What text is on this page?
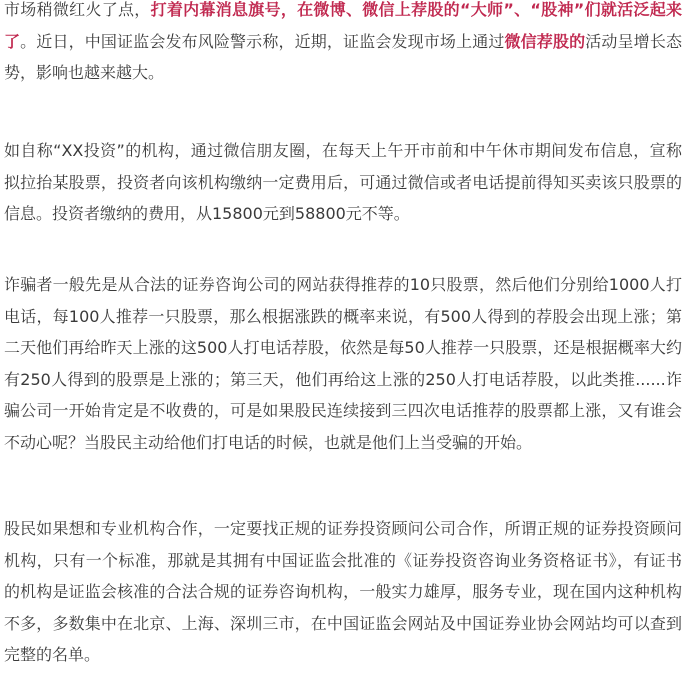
市场稍微红火了点，打着内幕消息旗号，在微博、微信上荐股的“大师”、“股神”们就活泛起来了。近日，中国证监会发布风险警示称，近期，证监会发现市场上通过微信荐股的活动呈增长态势，影响也越来越大。

如自称“XX投资”的机构，通过微信朋友圈，在每天上午开市前和中午休市期间发布信息，宣称拟拉抬某股票，投资者向该机构缴纳一定费用后，可通过微信或者电话提前得知买卖该只股票的信息。投资者缴纳的费用，从15800元到58800元不等。

诈骗者一般先是从合法的证券咨询公司的网站获得推荐的10只股票，然后他们分别给1000人打电话，每100人推荐一只股票，那么根据涨跌的概率来说，有500人得到的荐股会出现上涨；第二天他们再给昨天上涨的这500人打电话荐股，依然是每50人推荐一只股票，还是根据概率大约有250人得到的股票是上涨的；第三天，他们再给这上涨的250人打电话荐股，以此类推......诈骗公司一开始肯定是不收费的，可是如果股民连续接到三四次电话推荐的股票都上涨，又有谁会不动心呢？当股民主动给他们打电话的时候，也就是他们上当受骗的开始。

股民如果想和专业机构合作，一定要找正规的证券投资顾问公司合作，所谓正规的证券投资顾问机构，只有一个标准，那就是其拥有中国证监会批准的《证券投资咨询业务资格证书》，有证书的机构是证监会核准的合法合规的证券咨询机构，一般实力雄厚，服务专业，现在国内这种机构不多，多数集中在北京、上海、深圳三市，在中国证监会网站及中国证券业协会网站均可以查到完整的名单。
